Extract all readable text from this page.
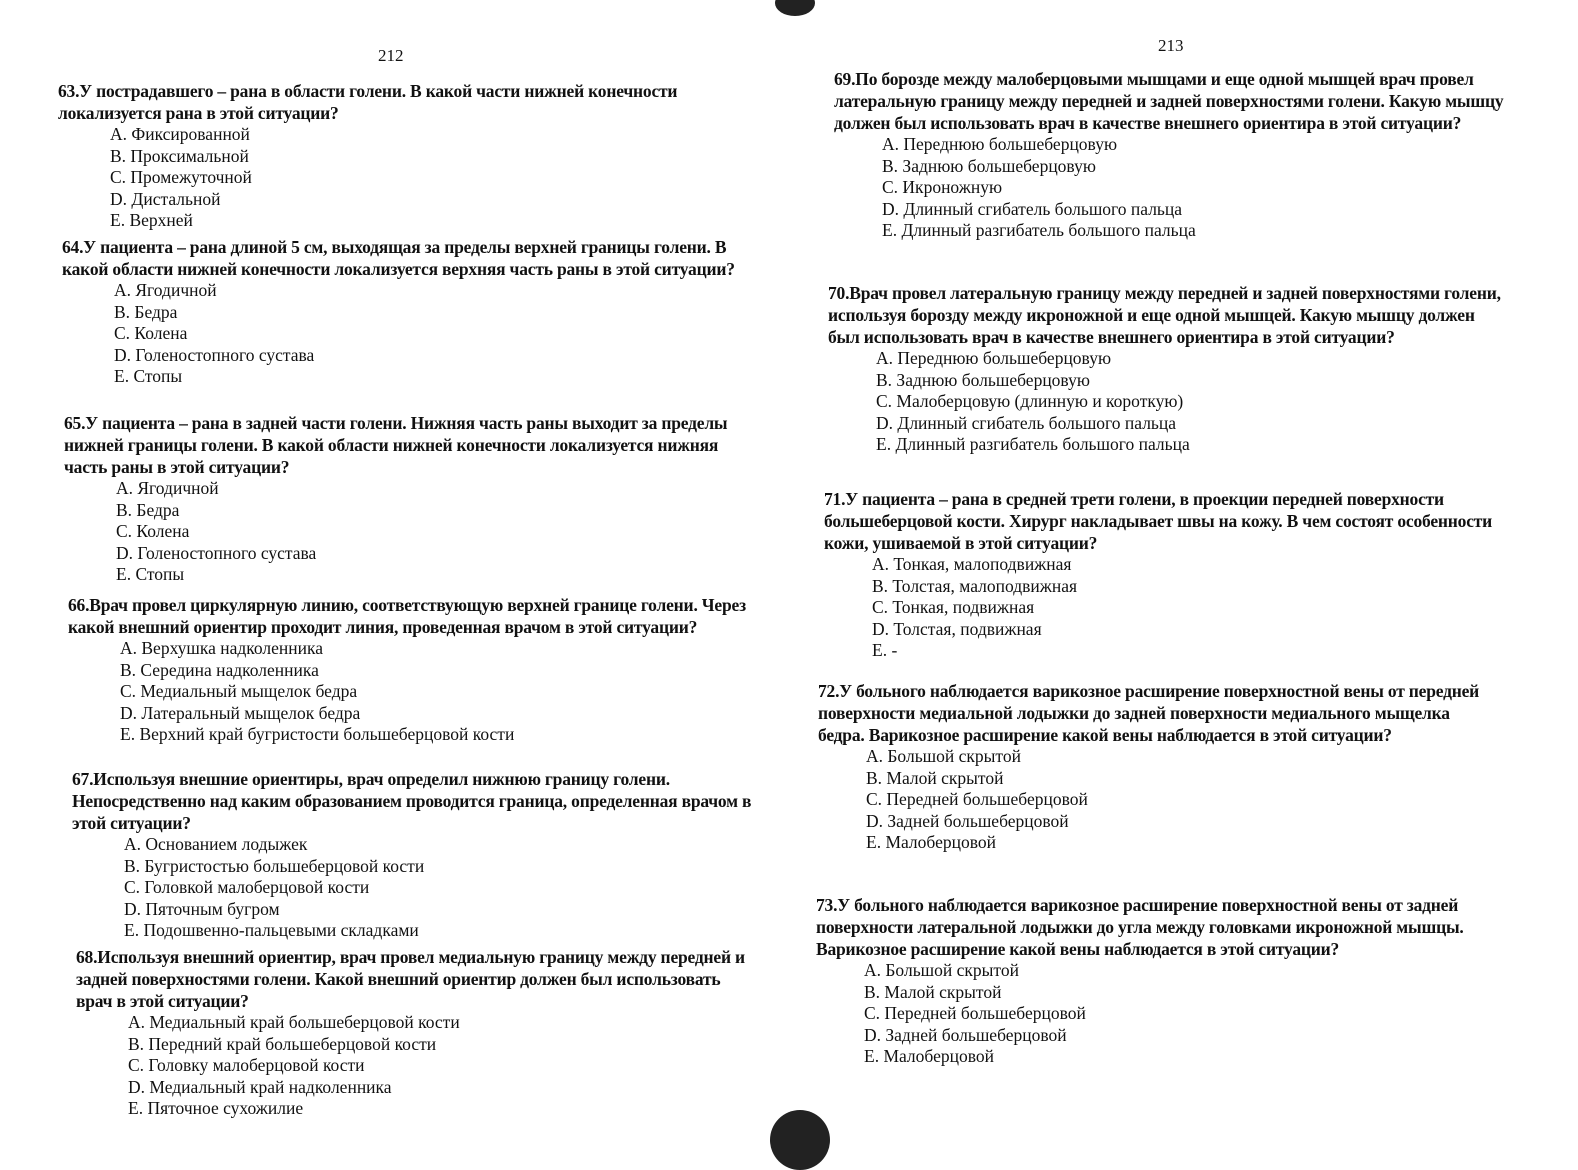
212
63.У пострадавшего – рана в области голени. В какой части нижней конечности локализуется рана в этой ситуации?
A. Фиксированной
B. Проксимальной
C. Промежуточной
D. Дистальной
E. Верхней
64.У пациента – рана длиной 5 см, выходящая за пределы верхней границы голени. В какой области нижней конечности локализуется верхняя часть раны в этой ситуации?
A. Ягодичной
B. Бедра
C. Колена
D. Голеностопного сустава
E. Стопы
65.У пациента – рана в задней части голени. Нижняя часть раны выходит за пределы нижней границы голени. В какой области нижней конечности локализуется нижняя часть раны в этой ситуации?
A. Ягодичной
B. Бедра
C. Колена
D. Голеностопного сустава
E. Стопы
66.Врач провел циркулярную линию, соответствующую верхней границе голени. Через какой внешний ориентир проходит линия, проведенная врачом в этой ситуации?
A. Верхушка надколенника
B. Середина надколенника
C. Медиальный мыщелок бедра
D. Латеральный мыщелок бедра
E. Верхний край бугристости большеберцовой кости
67.Используя внешние ориентиры, врач определил нижнюю границу голени. Непосредственно над каким образованием проводится граница, определенная врачом в этой ситуации?
A. Основанием лодыжек
B. Бугристостью большеберцовой кости
C. Головкой малоберцовой кости
D. Пяточным бугром
E. Подошвенно-пальцевыми складками
68.Используя внешний ориентир, врач провел медиальную границу между передней и задней поверхностями голени. Какой внешний ориентир должен был использовать врач в этой ситуации?
A. Медиальный край большеберцовой кости
B. Передний край большеберцовой кости
C. Головку малоберцовой кости
D. Медиальный край надколенника
E. Пяточное сухожилие
213
69.По борозде между малоберцовыми мышцами и еще одной мышцей врач провел латеральную границу между передней и задней поверхностями голени. Какую мышцу должен был использовать врач в качестве внешнего ориентира в этой ситуации?
A. Переднюю большеберцовую
B. Заднюю большеберцовую
C. Икроножную
D. Длинный сгибатель большого пальца
E. Длинный разгибатель большого пальца
70.Врач провел латеральную границу между передней и задней поверхностями голени, используя борозду между икроножной и еще одной мышцей. Какую мышцу должен был использовать врач в качестве внешнего ориентира в этой ситуации?
A. Переднюю большеберцовую
B. Заднюю большеберцовую
C. Малоберцовую (длинную и короткую)
D. Длинный сгибатель большого пальца
E. Длинный разгибатель большого пальца
71.У пациента – рана в средней трети голени, в проекции передней поверхности большеберцовой кости. Хирург накладывает швы на кожу. В чем состоят особенности кожи, ушиваемой в этой ситуации?
A. Тонкая, малоподвижная
B. Толстая, малоподвижная
C. Тонкая, подвижная
D. Толстая, подвижная
E. -
72.У больного наблюдается варикозное расширение поверхностной вены от передней поверхности медиальной лодыжки до задней поверхности медиального мыщелка бедра. Варикозное расширение какой вены наблюдается в этой ситуации?
A. Большой скрытой
B. Малой скрытой
C. Передней большеберцовой
D. Задней большеберцовой
E. Малоберцовой
73.У больного наблюдается варикозное расширение поверхностной вены от задней поверхности латеральной лодыжки до угла между головками икроножной мышцы. Варикозное расширение какой вены наблюдается в этой ситуации?
A. Большой скрытой
B. Малой скрытой
C. Передней большеберцовой
D. Задней большеберцовой
E. Малоберцовой
